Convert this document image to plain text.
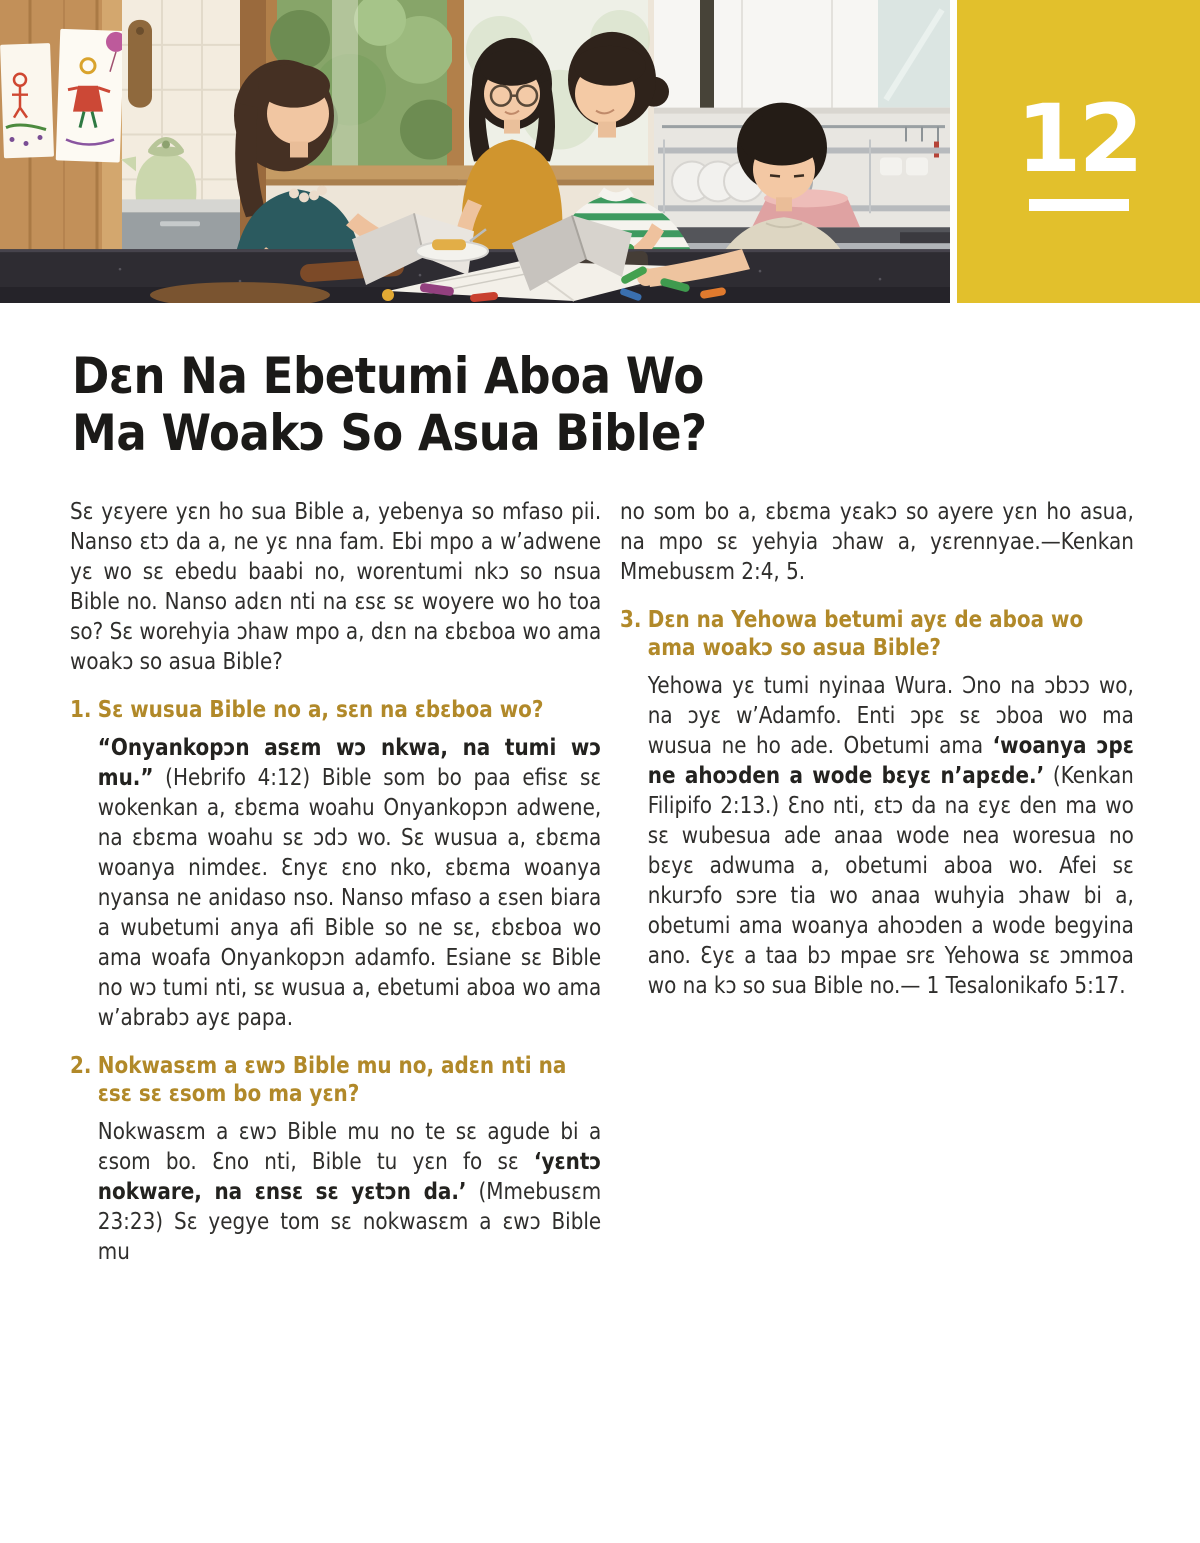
12
Dɛn Na Ebetumi Aboa Wo
Ma Woakɔ So Asua Bible?

Sɛ yɛyere yɛn ho sua Bible a, yebenya so mfaso pii. Nanso ɛtɔ da a, ne yɛ nna fam. Ebi mpo a w’adwene yɛ wo sɛ ebedu baabi no, worentumi nkɔ so nsua Bible no. Nanso adɛn nti na ɛsɛ sɛ woyere wo ho toa so? Sɛ worehyia ɔhaw mpo a, dɛn na ɛbɛboa wo ama woakɔ so asua Bible?

1. Sɛ wusua Bible no a, sɛn na ɛbɛboa wo?

“Onyankopɔn asɛm wɔ nkwa, na tumi wɔ mu.” (Hebrifo 4:12) Bible som bo paa efisɛ sɛ wokenkan a, ɛbɛma woahu Onyankopɔn adwene, na ɛbɛma woahu sɛ ɔdɔ wo. Sɛ wusua a, ɛbɛma woanya nimdeɛ. Ɛnyɛ ɛno nko, ɛbɛma woanya nyansa ne anidaso nso. Nanso mfaso a ɛsen biara a wubetumi anya afi Bible so ne sɛ, ɛbɛboa wo ama woafa Onyankopɔn adamfo. Esiane sɛ Bible no wɔ tumi nti, sɛ wusua a, ebetumi aboa wo ama w’abrabɔ ayɛ papa.

2. Nokwasɛm a ɛwɔ Bible mu no, adɛn nti na ɛsɛ sɛ ɛsom bo ma yɛn?

Nokwasɛm a ɛwɔ Bible mu no te sɛ agude bi a ɛsom bo. Ɛno nti, Bible tu yɛn fo sɛ ‘yɛntɔ nokware, na ɛnsɛ sɛ yɛtɔn da.’ (Mmebusɛm 23:23) Sɛ yegye tom sɛ nokwasɛm a ɛwɔ Bible mu

no som bo a, ɛbɛma yɛakɔ so ayere yɛn ho asua, na mpo sɛ yehyia ɔhaw a, yɛrennyae.—Kenkan Mmebusɛm 2:4, 5.

3. Dɛn na Yehowa betumi ayɛ de aboa wo ama woakɔ so asua Bible?

Yehowa yɛ tumi nyinaa Wura. Ɔno na ɔbɔɔ wo, na ɔyɛ w’Adamfo. Enti ɔpɛ sɛ ɔboa wo ma wusua ne ho ade. Obetumi ama ‘woanya ɔpɛ ne ahoɔden a wode bɛyɛ n’apɛde.’ (Kenkan Filipifo 2:13.) Ɛno nti, ɛtɔ da na ɛyɛ den ma wo sɛ wubesua ade anaa wode nea woresua no bɛyɛ adwuma a, obetumi aboa wo. Afei sɛ nkurɔfo sɔre tia wo anaa wuhyia ɔhaw bi a, obetumi ama woanya ahoɔden a wode begyina ano. Ɛyɛ a taa bɔ mpae srɛ Yehowa sɛ ɔmmoa wo na kɔ so sua Bible no.— 1 Tesalonikafo 5:17.
